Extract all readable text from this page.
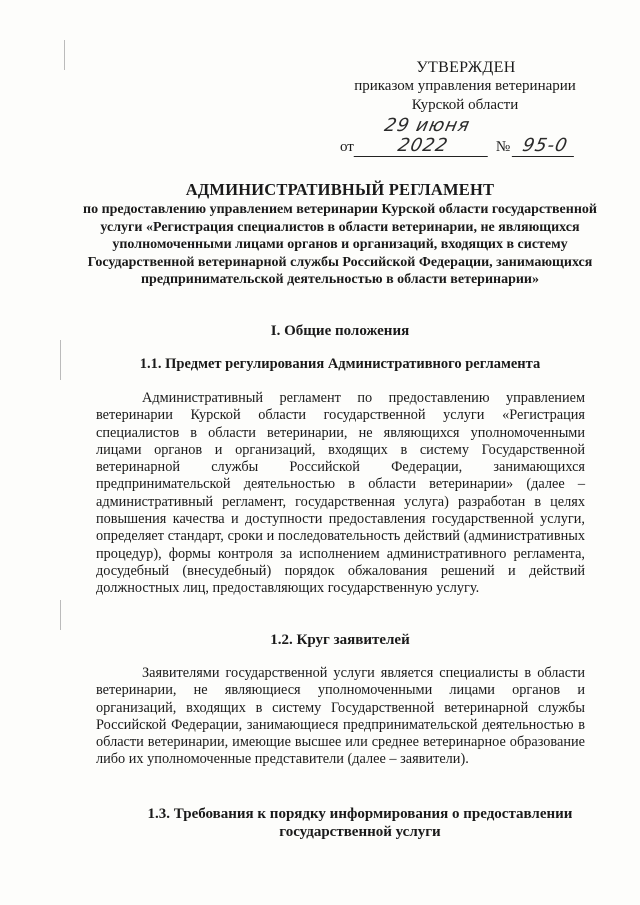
УТВЕРЖДЕН
приказом управления ветеринарии
Курской области
от
29 июня 2022	№ 95-0
АДМИНИСТРАТИВНЫЙ РЕГЛАМЕНТ
по предоставлению управлением ветеринарии Курской области государственной услуги «Регистрация специалистов в области ветеринарии, не являющихся уполномоченными лицами органов и организаций, входящих в систему Государственной ветеринарной службы Российской Федерации, занимающихся предпринимательской деятельностью в области ветеринарии»
I. Общие положения
1.1. Предмет регулирования Административного регламента
Административный регламент по предоставлению управлением ветеринарии Курской области государственной услуги «Регистрация специалистов в области ветеринарии, не являющихся уполномоченными лицами органов и организаций, входящих в систему Государственной ветеринарной службы Российской Федерации, занимающихся предпринимательской деятельностью в области ветеринарии» (далее – административный регламент, государственная услуга) разработан в целях повышения качества и доступности предоставления государственной услуги, определяет стандарт, сроки и последовательность действий (административных процедур), формы контроля за исполнением административного регламента, досудебный (внесудебный) порядок обжалования решений и действий должностных лиц, предоставляющих государственную услугу.
1.2. Круг заявителей
Заявителями государственной услуги является специалисты в области ветеринарии, не являющиеся уполномоченными лицами органов и организаций, входящих в систему Государственной ветеринарной службы Российской Федерации, занимающиеся предпринимательской деятельностью в области ветеринарии, имеющие высшее или среднее ветеринарное образование либо их уполномоченные представители (далее – заявители).
1.3. Требования к порядку информирования о предоставлении государственной услуги
